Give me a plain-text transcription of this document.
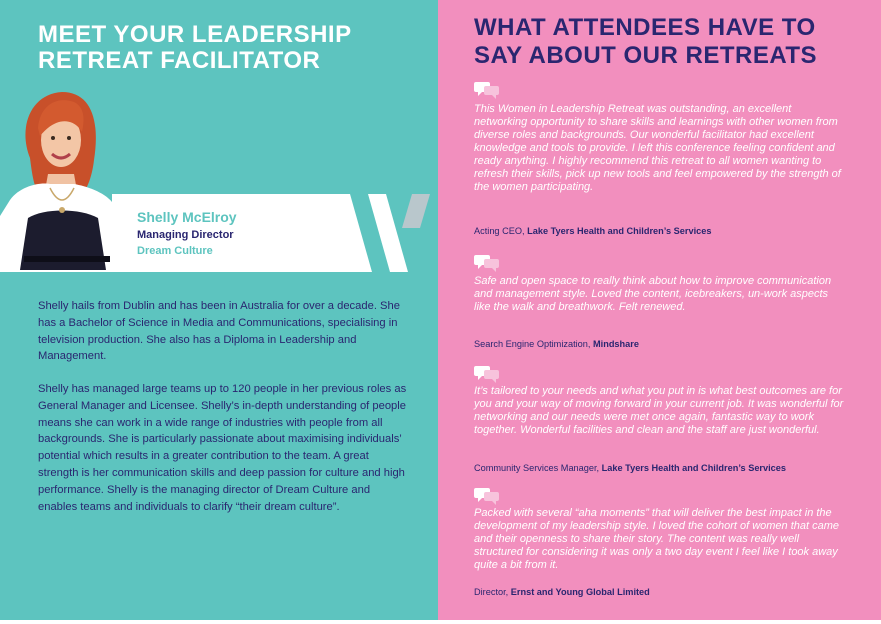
MEET YOUR LEADERSHIP
RETREAT FACILITATOR
Shelly McElroy
Managing Director
Dream Culture

Shelly hails from Dublin and has been in Australia for over a decade. She has a Bachelor of Science in Media and Communications, specialising in television production. She also has a Diploma in Leadership and Management.

Shelly has managed large teams up to 120 people in her previous roles as General Manager and Licensee. Shelly’s in-depth understanding of people means she can work in a wide range of industries with people from all backgrounds. She is particularly passionate about maximising individuals’ potential which results in a greater contribution to the team. A great strength is her communication skills and deep passion for culture and high performance. Shelly is the managing director of Dream Culture and enables teams and individuals to clarify “their dream culture”.

WHAT ATTENDEES HAVE TO
SAY ABOUT OUR RETREATS

This Women in Leadership Retreat was outstanding, an excellent networking opportunity to share skills and learnings with other women from diverse roles and backgrounds. Our wonderful facilitator had excellent knowledge and tools to provide. I left this conference feeling confident and ready anything. I highly recommend this retreat to all women wanting to refresh their skills, pick up new tools and feel empowered by the strength of the women participating.

Acting CEO, Lake Tyers Health and Children’s Services

Safe and open space to really think about how to improve communication and management style. Loved the content, icebreakers, un-work aspects like the walk and breathwork. Felt renewed.

Search Engine Optimization, Mindshare

It’s tailored to your needs and what you put in is what best outcomes are for you and your way of moving forward in your current job. It was wonderful for networking and our needs were met once again, fantastic way to work together. Wonderful facilities and clean and the staff are just wonderful.

Community Services Manager, Lake Tyers Health and Children’s Services

Packed with several “aha moments” that will deliver the best impact in the development of my leadership style. I loved the cohort of women that came and their openness to share their story. The content was really well structured for considering it was only a two day event I feel like I took away quite a bit from it.

Director, Ernst and Young Global Limited
